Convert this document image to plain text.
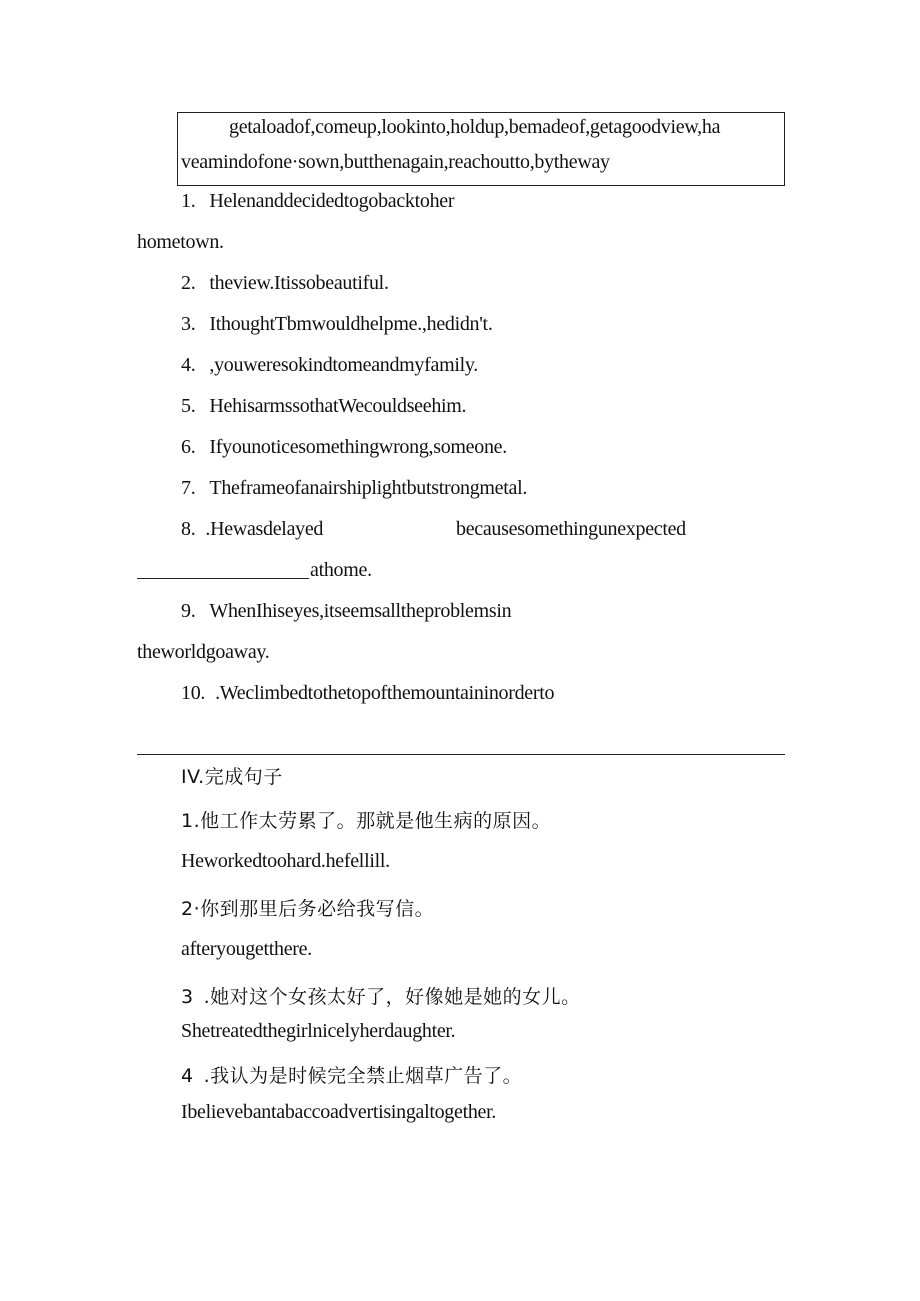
getaloadof,comeup,lookinto,holdup,bemadeof,getagoodview,ha
veamindofone·sown,butthenagain,reachoutto,bytheway
1. Helenanddecidedtogobacktoher
hometown.
2. theview.Itissobeautiful.
3. IthoughtTbmwouldhelpme.,hedidn't.
4. ,youweresokindtomeandmyfamily.
5. HehisarmssothatWecouldseehim.
6. Ifyounoticesomethingwrong,someone.
7. Theframeofanairshiplightbutstrongmetal.
8. .Hewasdelayed	becausesomethingunexpected
athome.
9. WhenIhiseyes,itseemsalltheproblemsin
theworldgoaway.
10. .Weclimbedtothetopofthemountaininorderto
IV.完成句子
1.他工作太劳累了。那就是他生病的原因。
Heworkedtoohard.hefellill.
2·你到那里后务必给我写信。
afteryougetthere.
3 .她对这个女孩太好了，好像她是她的女儿。
Shetreatedthegirlnicelyherdaughter.
4 .我认为是时候完全禁止烟草广告了。
Ibelievebantabaccoadvertisingaltogether.
